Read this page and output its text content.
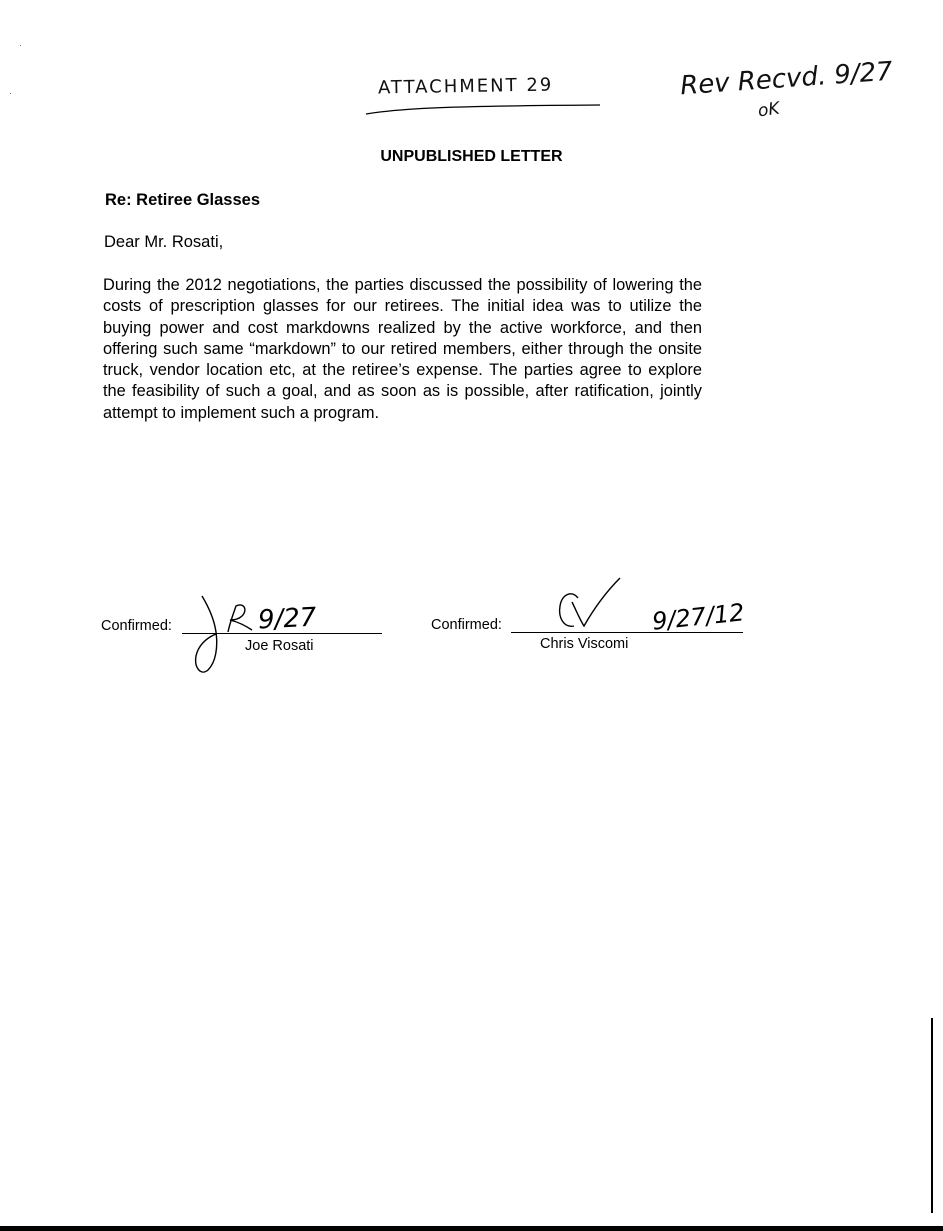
ATTACHMENT 29	Rev Recvd. 9/27
oK
UNPUBLISHED LETTER
Re: Retiree Glasses
Dear Mr. Rosati,
During the 2012 negotiations, the parties discussed the possibility of lowering the costs of prescription glasses for our retirees. The initial idea was to utilize the buying power and cost markdowns realized by the active workforce, and then offering such same “markdown” to our retired members, either through the onsite truck, vendor location etc, at the retiree’s expense. The parties agree to explore the feasibility of such a goal, and as soon as is possible, after ratification, jointly attempt to implement such a program.
Confirmed:	9/27
Joe Rosati
Confirmed:	9/27/12
Chris Viscomi
